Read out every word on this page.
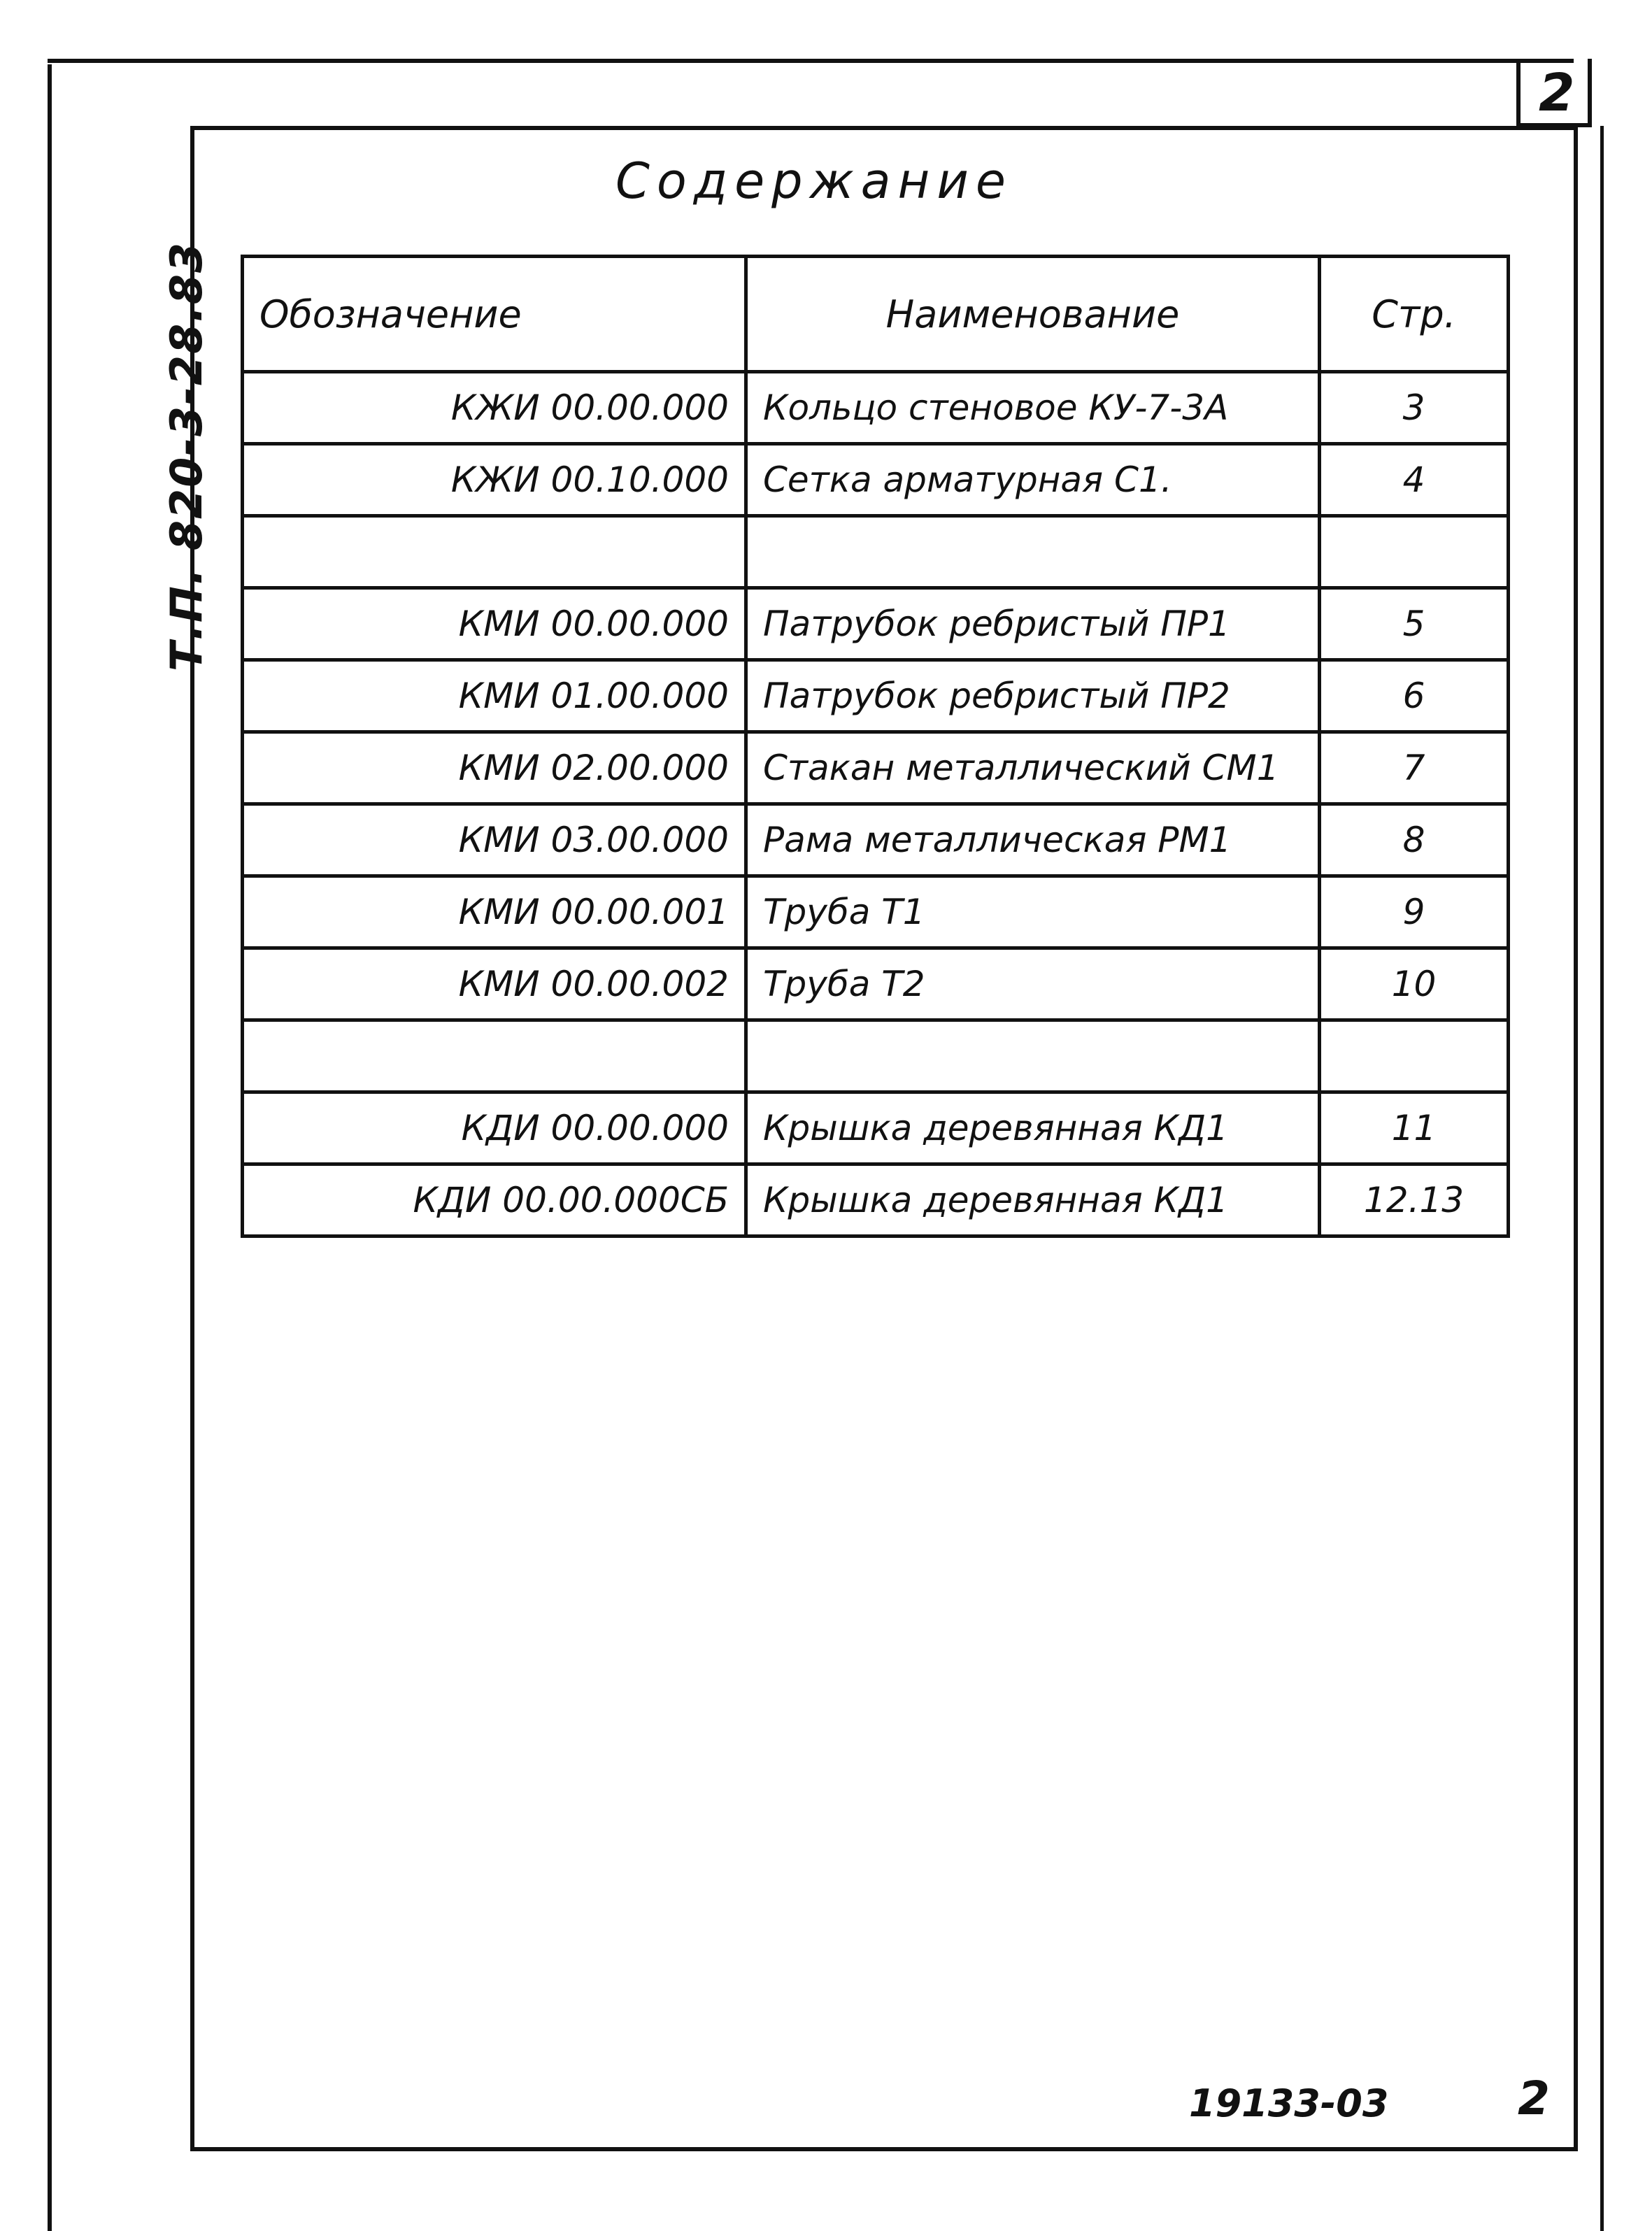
2
Т.П. 820-3-28.83
Содержание
Обозначение	Наименование	Стр.
КЖИ 00.00.000	Кольцо стеновое КУ-7-3А	3
КЖИ 00.10.000	Сетка арматурная С1.	4

КМИ 00.00.000	Патрубок ребристый ПР1	5
КМИ 01.00.000	Патрубок ребристый ПР2	6
КМИ 02.00.000	Стакан металлический СМ1	7
КМИ 03.00.000	Рама металлическая РМ1	8
КМИ 00.00.001	Труба Т1	9
КМИ 00.00.002	Труба Т2	10

КДИ 00.00.000	Крышка деревянная КД1	11
КДИ 00.00.000СБ	Крышка деревянная КД1	12.13
19133-03	2
